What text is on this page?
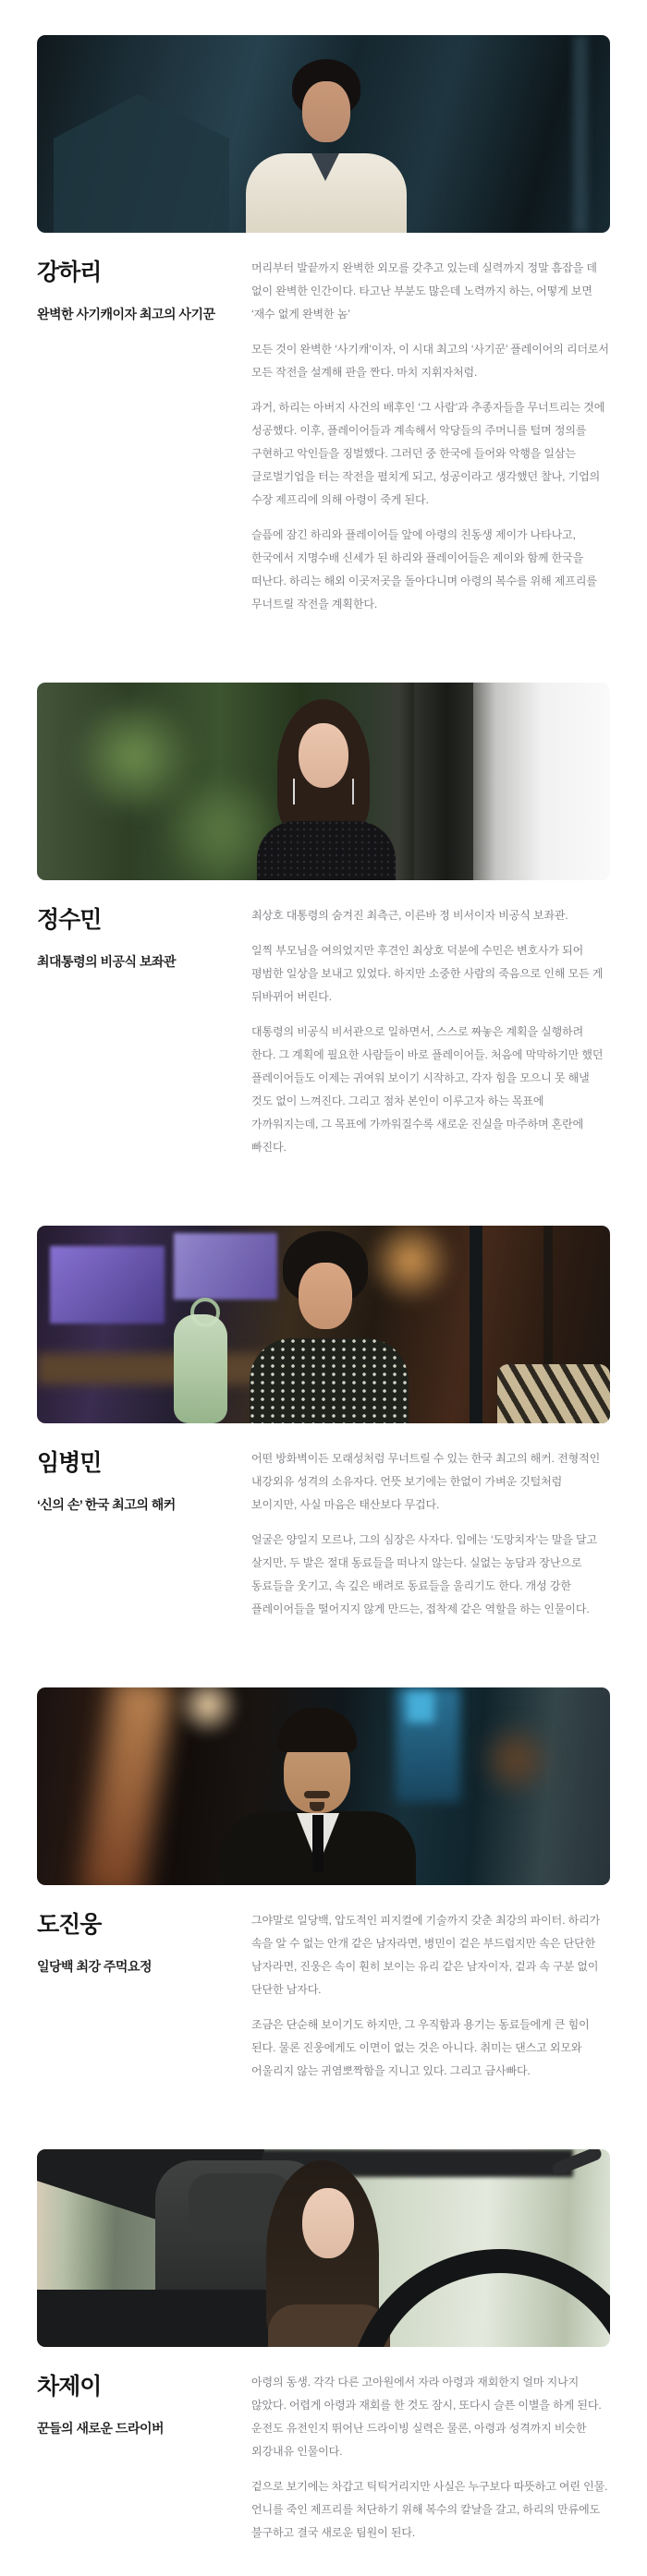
강하리

완벽한 사기캐이자 최고의 사기꾼

머리부터 발끝까지 완벽한 외모를 갖추고 있는데 실력까지 정말 흠잡을 데 없이 완벽한 인간이다. 타고난 부분도 많은데 노력까지 하는, 어떻게 보면 ‘재수 없게 완벽한 놈’

모든 것이 완벽한 ‘사기캐’이자, 이 시대 최고의 ‘사기꾼’ 플레이어의 리더로서 모든 작전을 설계해 판을 짠다. 마치 지휘자처럼.

과거, 하리는 아버지 사건의 배후인 ‘그 사람’과 추종자들을 무너트리는 것에 성공했다. 이후, 플레이어들과 계속해서 악당들의 주머니를 털며 정의를 구현하고 악인들을 징벌했다. 그러던 중 한국에 들어와 악행을 일삼는 글로벌기업을 터는 작전을 펼치게 되고, 성공이라고 생각했던 찰나, 기업의 수장 제프리에 의해 아령이 죽게 된다.

슬픔에 잠긴 하리와 플레이어들 앞에 아령의 친동생 제이가 나타나고, 한국에서 지명수배 신세가 된 하리와 플레이어들은 제이와 함께 한국을 떠난다. 하리는 해외 이곳저곳을 돌아다니며 아령의 복수를 위해 제프리를 무너트릴 작전을 계획한다.

정수민

최대통령의 비공식 보좌관

최상호 대통령의 숨겨진 최측근, 이른바 정 비서이자 비공식 보좌관.

일찍 부모님을 여의었지만 후견인 최상호 덕분에 수민은 변호사가 되어 평범한 일상을 보내고 있었다. 하지만 소중한 사람의 죽음으로 인해 모든 게 뒤바뀌어 버린다.

대통령의 비공식 비서관으로 일하면서, 스스로 짜놓은 계획을 실행하려 한다. 그 계획에 필요한 사람들이 바로 플레이어들. 처음에 막막하기만 했던 플레이어들도 이제는 귀여워 보이기 시작하고, 각자 힘을 모으니 못 해낼 것도 없이 느껴진다. 그리고 점차 본인이 이루고자 하는 목표에 가까워지는데, 그 목표에 가까워질수록 새로운 진실을 마주하며 혼란에 빠진다.

임병민

‘신의 손’ 한국 최고의 해커

어떤 방화벽이든 모래성처럼 무너트릴 수 있는 한국 최고의 해커. 전형적인 내강외유 성격의 소유자다. 언뜻 보기에는 한없이 가벼운 깃털처럼 보이지만, 사실 마음은 태산보다 무겁다.

얼굴은 양일지 모르나, 그의 심장은 사자다. 입에는 ‘도망치자’는 말을 달고 살지만, 두 발은 절대 동료들을 떠나지 않는다. 실없는 농담과 장난으로 동료들을 웃기고, 속 깊은 배려로 동료들을 울리기도 한다. 개성 강한 플레이어들을 떨어지지 않게 만드는, 접착제 같은 역할을 하는 인물이다.

도진웅

일당백 최강 주먹요정

그야말로 일당백, 압도적인 피지컬에 기술까지 갖춘 최강의 파이터. 하리가 속을 알 수 없는 안개 같은 남자라면, 병민이 겉은 부드럽지만 속은 단단한 남자라면, 진웅은 속이 훤히 보이는 유리 같은 남자이자, 겉과 속 구분 없이 단단한 남자다.

조금은 단순해 보이기도 하지만, 그 우직함과 용기는 동료들에게 큰 힘이 된다. 물론 진웅에게도 이면이 없는 것은 아니다. 취미는 댄스고 외모와 어울리지 않는 귀염뽀짝함을 지니고 있다. 그리고 금사빠다.

차제이

꾼들의 새로운 드라이버

아령의 동생. 각각 다른 고아원에서 자라 아령과 재회한지 얼마 지나지 않았다. 어렵게 아령과 재회를 한 것도 잠시, 또다시 슬픈 이별을 하게 된다. 운전도 유전인지 뛰어난 드라이빙 실력은 물론, 아령과 성격까지 비슷한 외강내유 인물이다.

겉으로 보기에는 차갑고 틱틱거리지만 사실은 누구보다 따뜻하고 여린 인물. 언니를 죽인 제프리를 처단하기 위해 복수의 칼날을 갈고, 하리의 만류에도 불구하고 결국 새로운 팀원이 된다.
